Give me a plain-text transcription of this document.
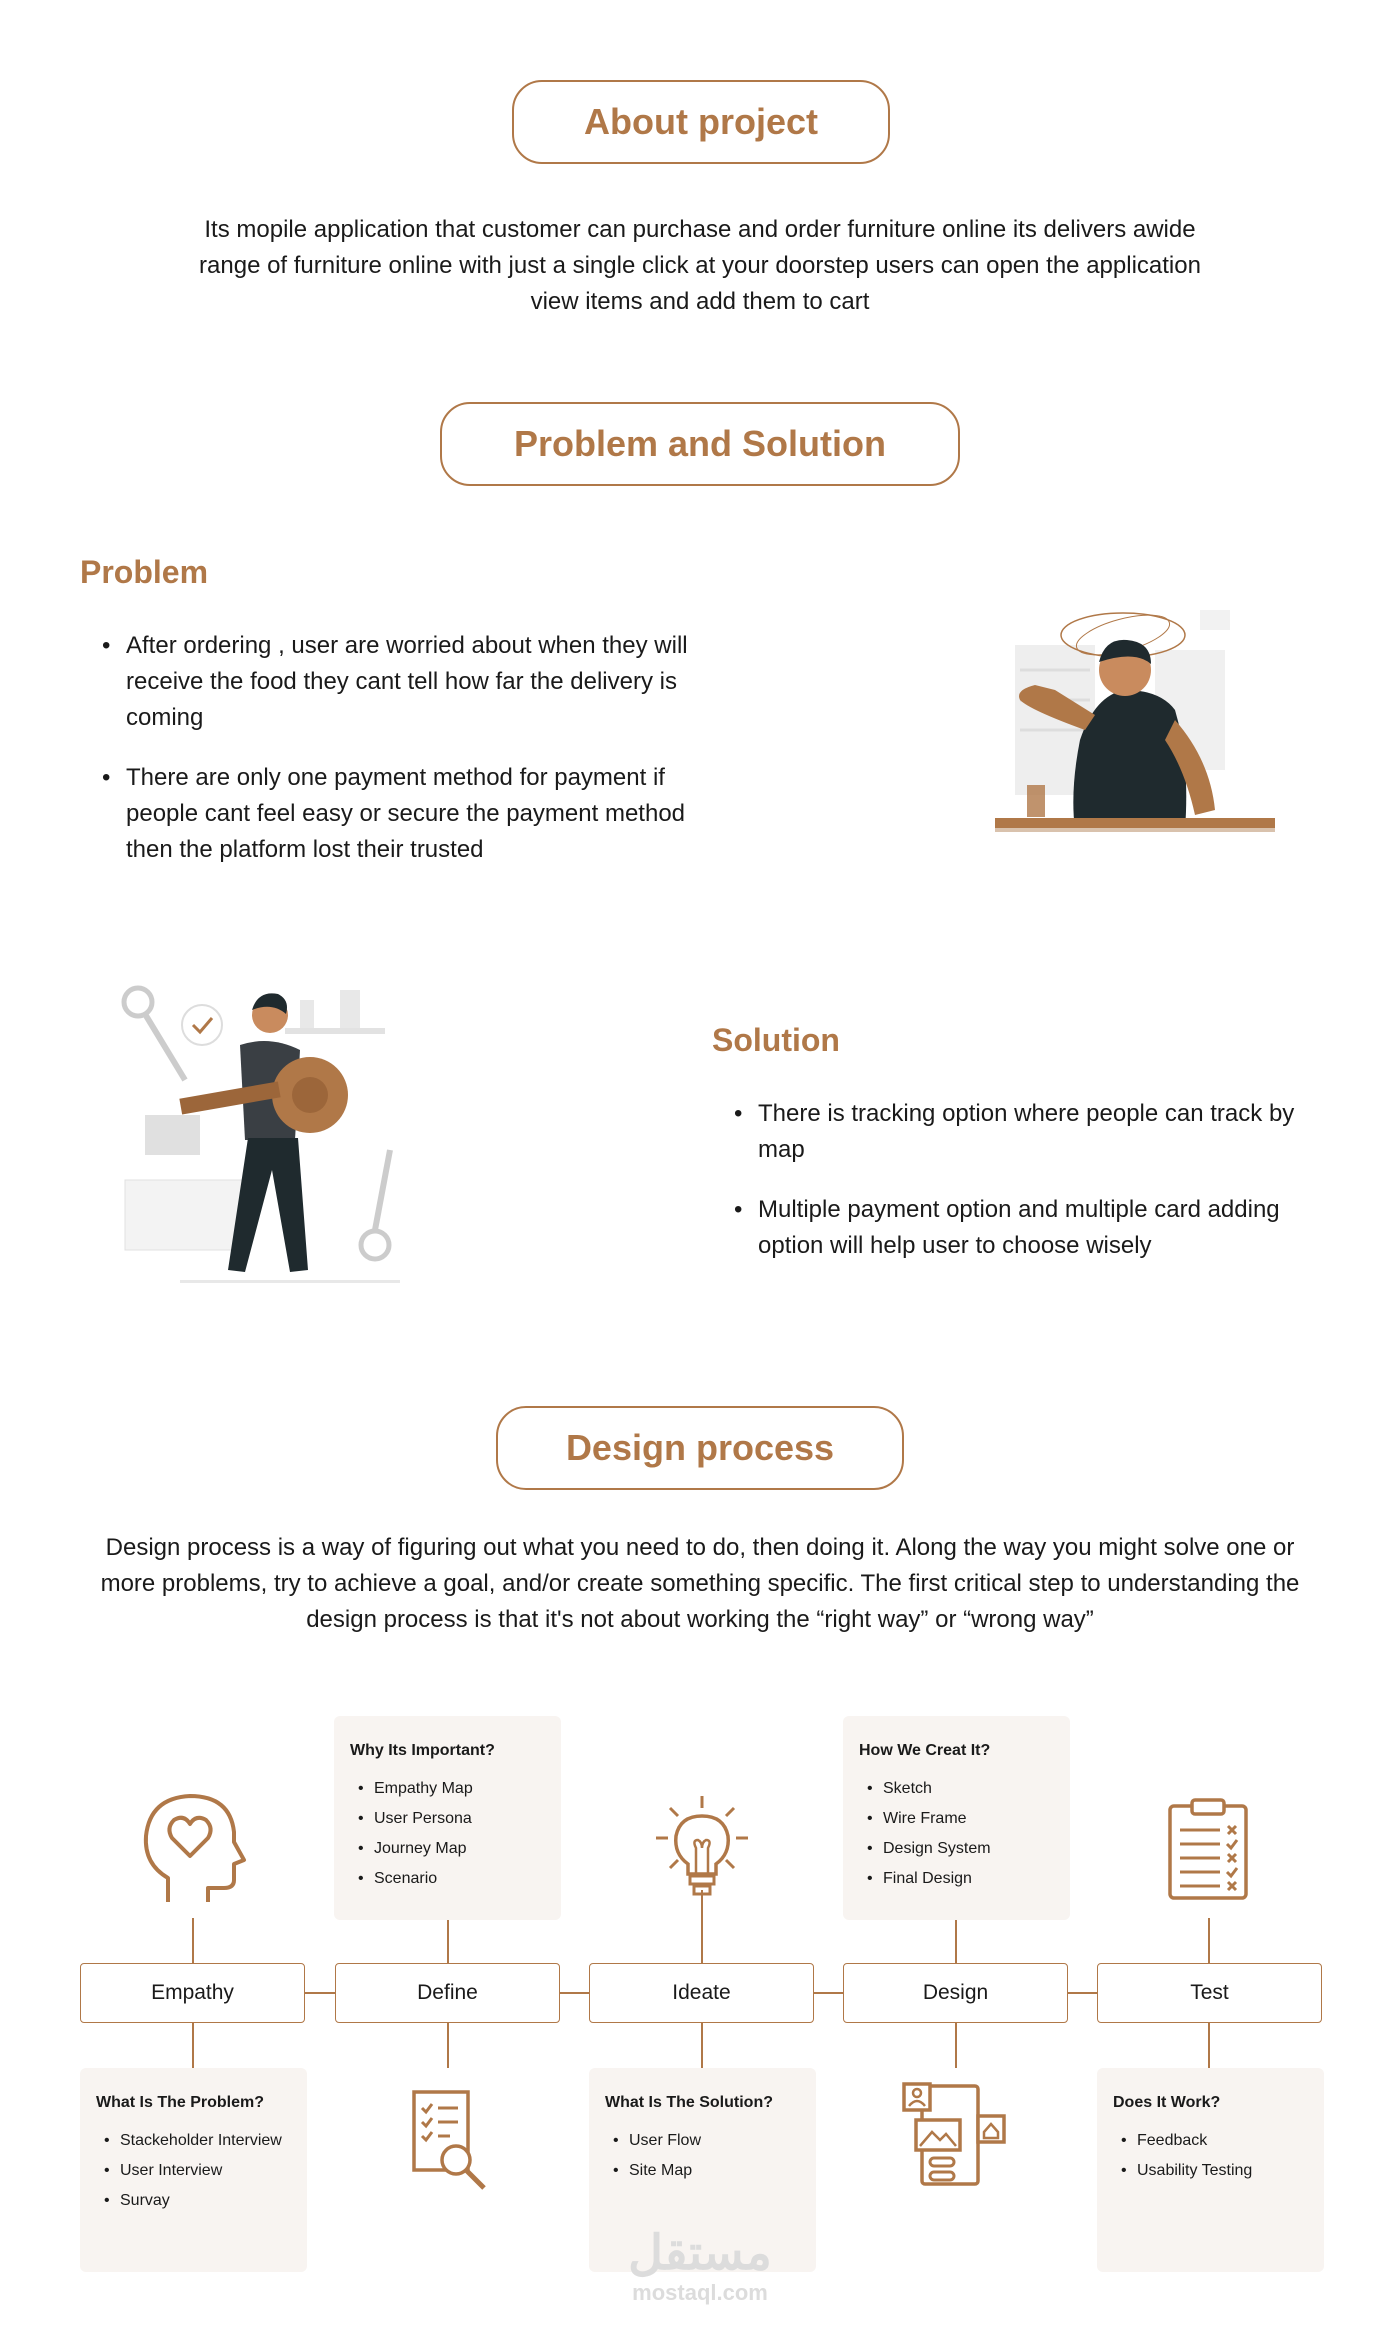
About project

Its mopile application that customer can purchase and order furniture online its delivers awide range of furniture online with just a single click at your doorstep users can open the application view items and add them to cart

Problem and Solution
Problem
• After ordering , user are worried about when they will receive the food they cant tell how far the delivery is coming
• There are only one payment method for payment if people cant feel easy or secure the payment method then the platform lost their trusted
Solution
• There is tracking option where people can track by map
• Multiple payment option and multiple card adding option will help user to choose wisely
Design process

Design process is a way of figuring out what you need to do, then doing it. Along the way you might solve one or more problems, try to achieve a goal, and/or create something specific. The first critical step to understanding the design process is that it's not about working the “right way” or “wrong way”

Empathy	Define	Ideate	Design	Test
Why Its Important?
• Empathy Map
• User Persona
• Journey Map
• Scenario
How We Creat It?
• Sketch
• Wire Frame
• Design System
• Final Design
What Is The Problem?
• Stackeholder Interview
• User Interview
• Survay
What Is The Solution?
• User Flow
• Site Map
Does It Work?
• Feedback
• Usability Testing
مستقل
mostaql.com
